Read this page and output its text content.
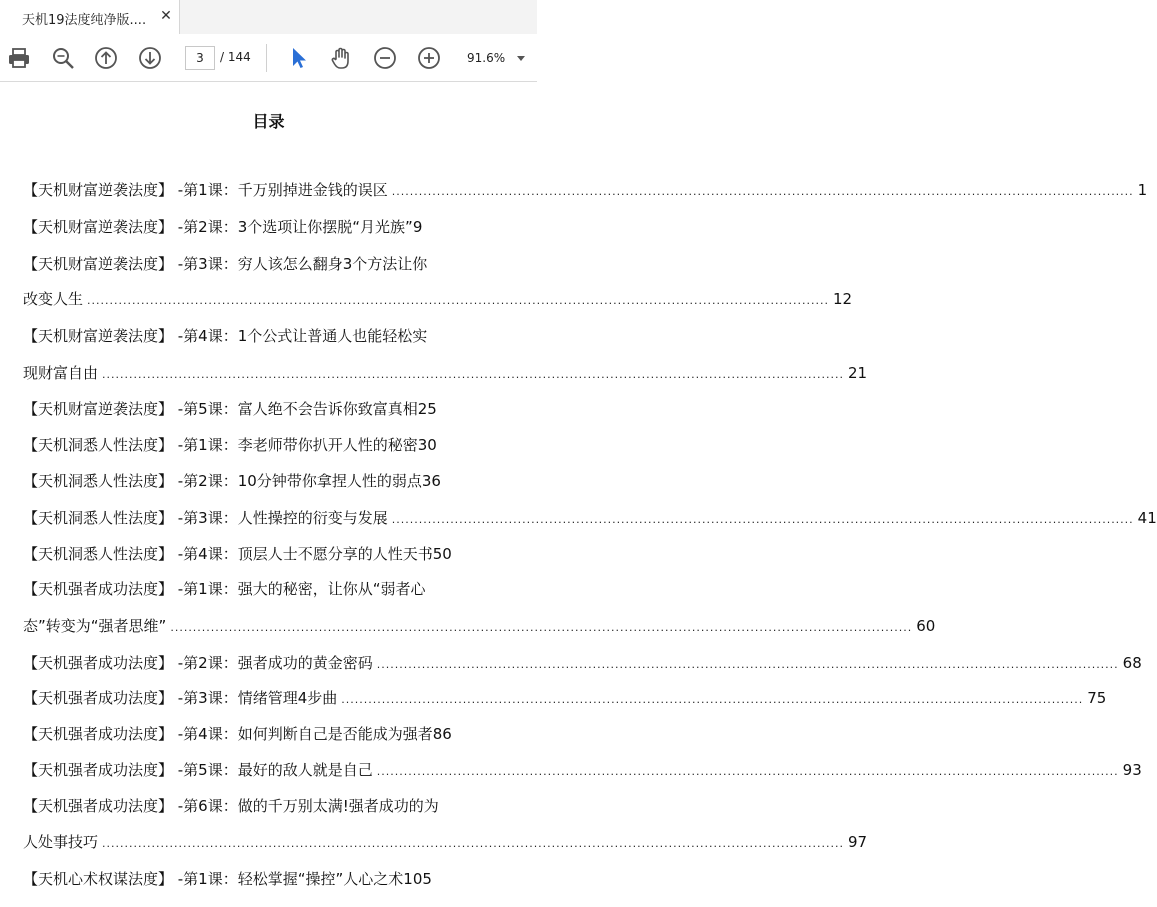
天机19法度纯净版....	✕
3
/ 144	91.6%
目录
【天机财富逆袭法度】 -第1课：千万别掉进金钱的误区 ..................................................................................................................................................................... 1
【天机财富逆袭法度】 -第2课：3个选项让你摆脱“月光族”9
【天机财富逆袭法度】 -第3课：穷人该怎么翻身3个方法让你
改变人生 ..................................................................................................................................................................... 12
【天机财富逆袭法度】 -第4课：1个公式让普通人也能轻松实
现财富自由 ..................................................................................................................................................................... 21
【天机财富逆袭法度】 -第5课：富人绝不会告诉你致富真相25
【天机洞悉人性法度】 -第1课：李老师带你扒开人性的秘密30
【天机洞悉人性法度】 -第2课：10分钟带你拿捏人性的弱点36
【天机洞悉人性法度】 -第3课：人性操控的衍变与发展 ..................................................................................................................................................................... 41
【天机洞悉人性法度】 -第4课：顶层人士不愿分享的人性天书50
【天机强者成功法度】 -第1课：强大的秘密，让你从“弱者心
态”转变为“强者思维” ..................................................................................................................................................................... 60
【天机强者成功法度】 -第2课：强者成功的黄金密码 ..................................................................................................................................................................... 68
【天机强者成功法度】 -第3课：情绪管理4步曲 ..................................................................................................................................................................... 75
【天机强者成功法度】 -第4课：如何判断自己是否能成为强者86
【天机强者成功法度】 -第5课：最好的敌人就是自己 ..................................................................................................................................................................... 93
【天机强者成功法度】 -第6课：做的千万别太满!强者成功的为
人处事技巧 ..................................................................................................................................................................... 97
【天机心术权谋法度】 -第1课：轻松掌握“操控”人心之术105
